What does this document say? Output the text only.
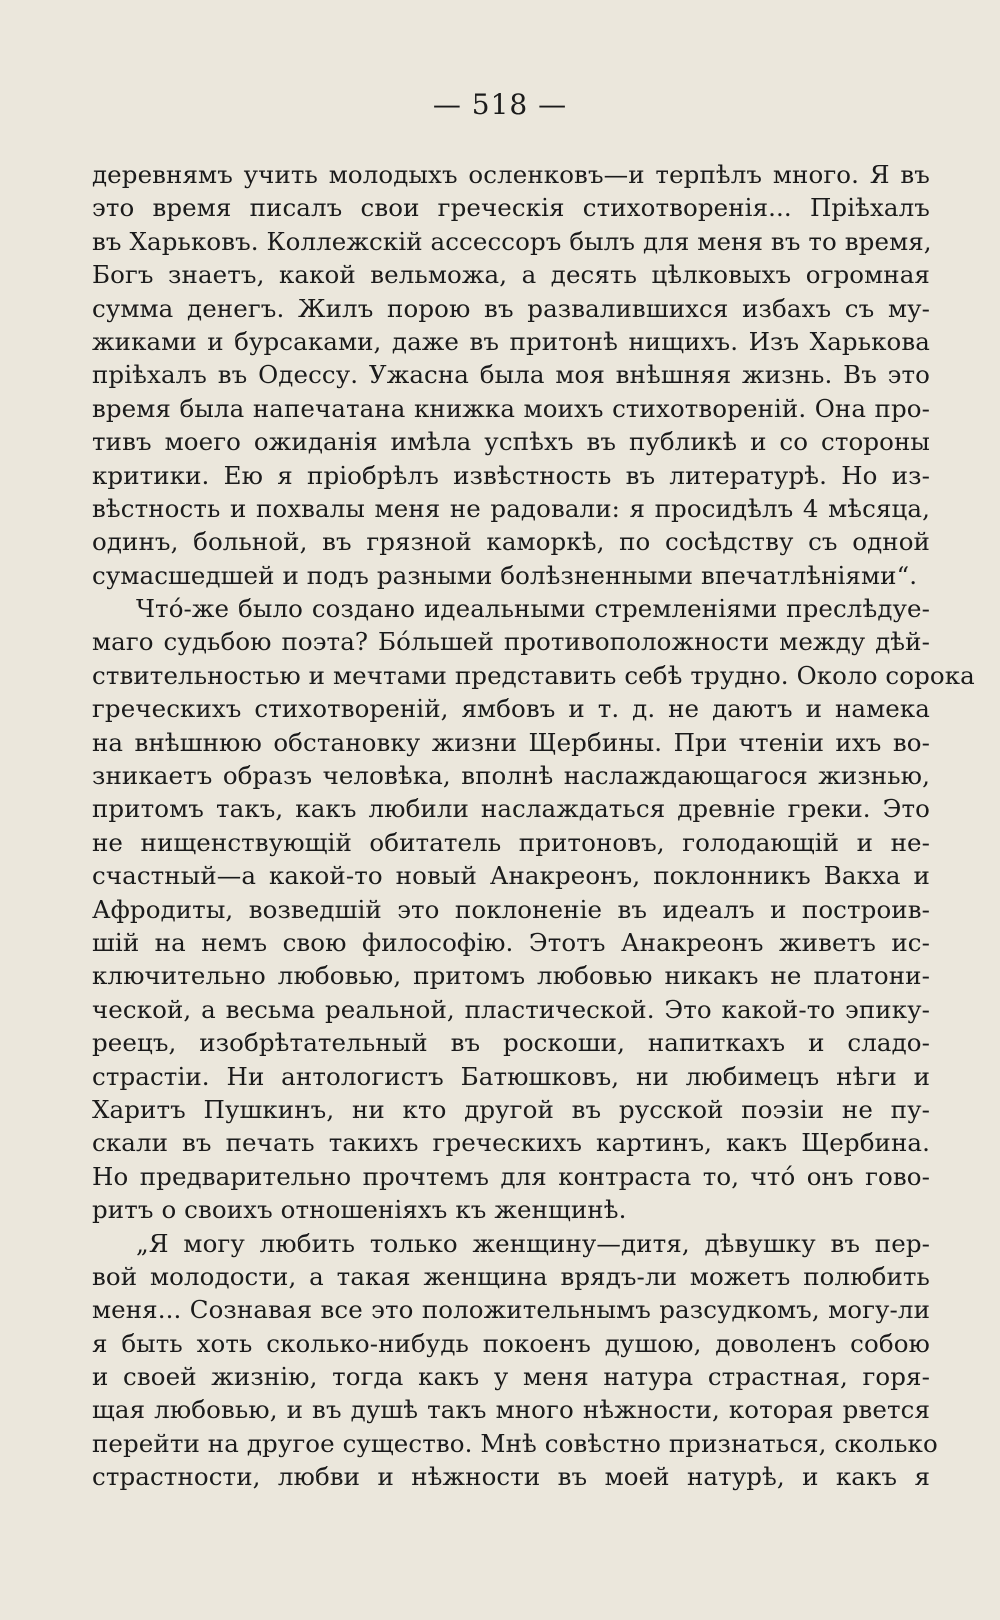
— 518 —
деревнямъ учить молодыхъ осленковъ—и терпѣлъ много. Я въ
это время писалъ свои греческія стихотворенія... Пріѣхалъ
въ Харьковъ. Коллежскій ассессоръ былъ для меня въ то время,
Богъ знаетъ, какой вельможа, а десять цѣлковыхъ огромная
сумма денегъ. Жилъ порою въ развалившихся избахъ съ му-
жиками и бурсаками, даже въ притонѣ нищихъ. Изъ Харькова
пріѣхалъ въ Одессу. Ужасна была моя внѣшняя жизнь. Въ это
время была напечатана книжка моихъ стихотвореній. Она про-
тивъ моего ожиданія имѣла успѣхъ въ публикѣ и со стороны
критики. Ею я пріобрѣлъ извѣстность въ литературѣ. Но из-
вѣстность и похвалы меня не радовали: я просидѣлъ 4 мѣсяца,
одинъ, больной, въ грязной каморкѣ, по сосѣдству съ одной
сумасшедшей и подъ разными болѣзненными впечатлѣніями“.
Чтó-же было создано идеальными стремленіями преслѣдуе-
маго судьбою поэта? Бóльшей противоположности между дѣй-
ствительностью и мечтами представить себѣ трудно. Около сорока
греческихъ стихотвореній, ямбовъ и т. д. не даютъ и намека
на внѣшнюю обстановку жизни Щербины. При чтеніи ихъ во-
зникаетъ образъ человѣка, вполнѣ наслаждающагося жизнью,
притомъ такъ, какъ любили наслаждаться древніе греки. Это
не нищенствующій обитатель притоновъ, голодающій и не-
счастный—а какой-то новый Анакреонъ, поклонникъ Вакха и
Афродиты, возведшій это поклоненіе въ идеалъ и построив-
шій на немъ свою философію. Этотъ Анакреонъ живетъ ис-
ключительно любовью, притомъ любовью никакъ не платони-
ческой, а весьма реальной, пластической. Это какой-то эпику-
реецъ, изобрѣтательный въ роскоши, напиткахъ и сладо-
страстіи. Ни антологистъ Батюшковъ, ни любимецъ нѣги и
Харитъ Пушкинъ, ни кто другой въ русской поэзіи не пу-
скали въ печать такихъ греческихъ картинъ, какъ Щербина.
Но предварительно прочтемъ для контраста то, чтó онъ гово-
ритъ о своихъ отношеніяхъ къ женщинѣ.
„Я могу любить только женщину—дитя, дѣвушку въ пер-
вой молодости, а такая женщина врядъ-ли можетъ полюбить
меня... Сознавая все это положительнымъ разсудкомъ, могу-ли
я быть хоть сколько-нибудь покоенъ душою, доволенъ собою
и своей жизнію, тогда какъ у меня натура страстная, горя-
щая любовью, и въ душѣ такъ много нѣжности, которая рвется
перейти на другое существо. Мнѣ совѣстно признаться, сколько
страстности, любви и нѣжности въ моей натурѣ, и какъ я
